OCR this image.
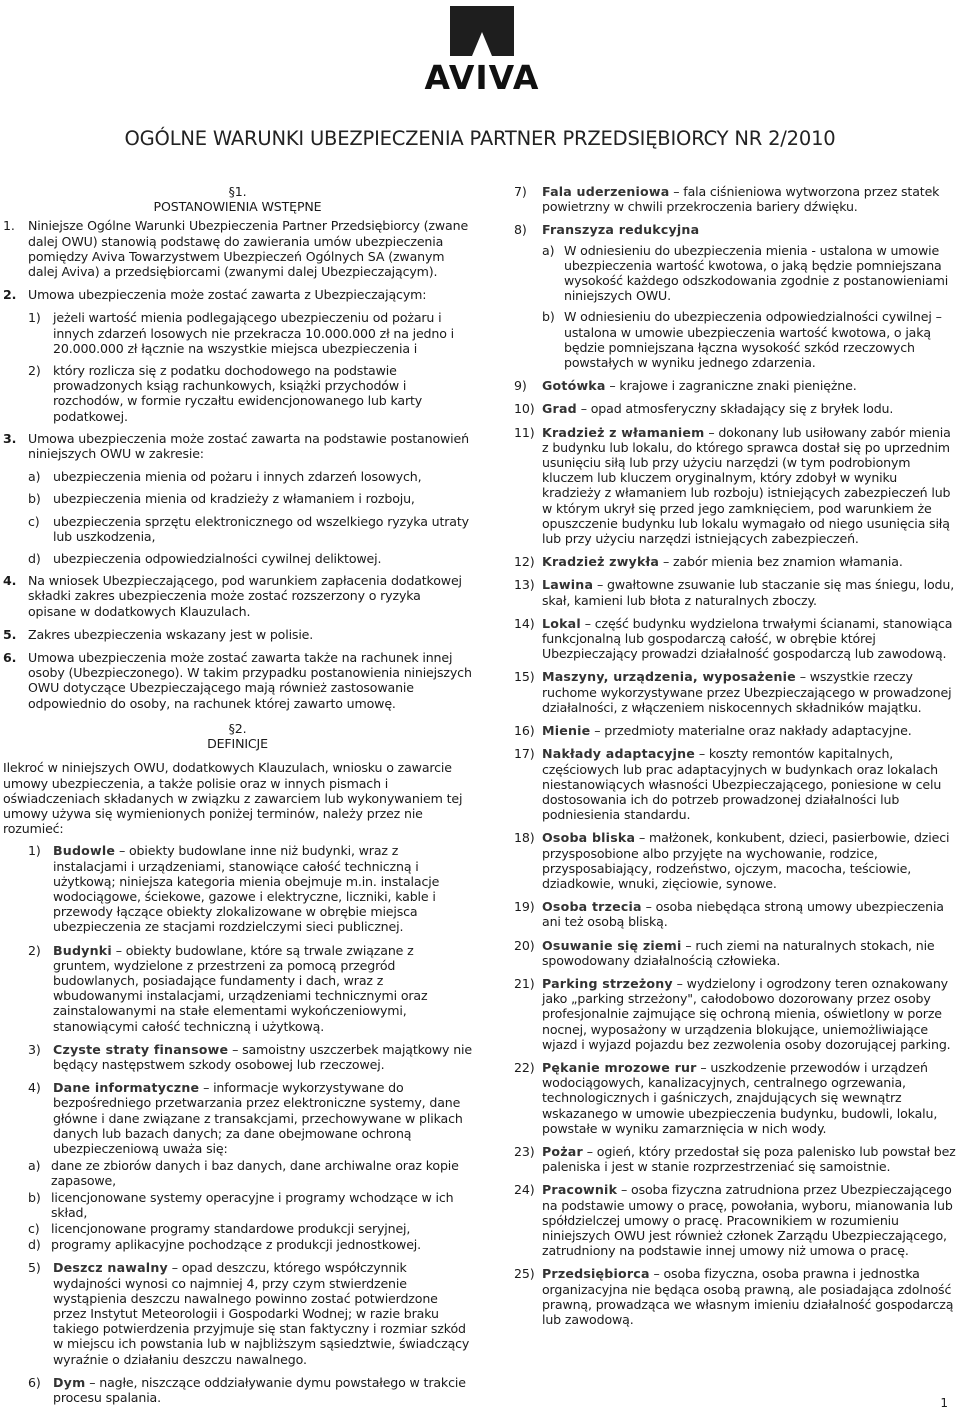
AVIVA
OGÓLNE WARUNKI UBEZPIECZENIA PARTNER PRZEDSIĘBIORCY NR 2/2010
§1.
POSTANOWIENIA WSTĘPNE
1. Niniejsze Ogólne Warunki Ubezpieczenia Partner Przedsiębiorcy (zwane dalej OWU) stanowią podstawę do zawierania umów ubezpieczenia pomiędzy Aviva Towarzystwem Ubezpieczeń Ogólnych SA (zwanym dalej Aviva) a przedsiębiorcami (zwanymi dalej Ubezpieczającym).
2. Umowa ubezpieczenia może zostać zawarta z Ubezpieczającym:
1) jeżeli wartość mienia podlegającego ubezpieczeniu od pożaru i innych zdarzeń losowych nie przekracza 10.000.000 zł na jedno i 20.000.000 zł łącznie na wszystkie miejsca ubezpieczenia i
2) który rozlicza się z podatku dochodowego na podstawie prowadzonych ksiąg rachunkowych, książki przychodów i rozchodów, w formie ryczałtu ewidencjonowanego lub karty podatkowej.
3. Umowa ubezpieczenia może zostać zawarta na podstawie postanowień niniejszych OWU w zakresie:
a) ubezpieczenia mienia od pożaru i innych zdarzeń losowych,
b) ubezpieczenia mienia od kradzieży z włamaniem i rozboju,
c) ubezpieczenia sprzętu elektronicznego od wszelkiego ryzyka utraty lub uszkodzenia,
d) ubezpieczenia odpowiedzialności cywilnej deliktowej.
4. Na wniosek Ubezpieczającego, pod warunkiem zapłacenia dodatkowej składki zakres ubezpieczenia może zostać rozszerzony o ryzyka opisane w dodatkowych Klauzulach.
5. Zakres ubezpieczenia wskazany jest w polisie.
6. Umowa ubezpieczenia może zostać zawarta także na rachunek innej osoby (Ubezpieczonego). W takim przypadku postanowienia niniejszych OWU dotyczące Ubezpieczającego mają również zastosowanie odpowiednio do osoby, na rachunek której zawarto umowę.
§2.
DEFINICJE
Ilekroć w niniejszych OWU, dodatkowych Klauzulach, wniosku o zawarcie umowy ubezpieczenia, a także polisie oraz w innych pismach i oświadczeniach składanych w związku z zawarciem lub wykonywaniem tej umowy używa się wymienionych poniżej terminów, należy przez nie rozumieć:
1) Budowle – obiekty budowlane inne niż budynki, wraz z instalacjami i urządzeniami, stanowiące całość techniczną i użytkową; niniejsza kategoria mienia obejmuje m.in. instalacje wodociągowe, ściekowe, gazowe i elektryczne, liczniki, kable i przewody łączące obiekty zlokalizowane w obrębie miejsca ubezpieczenia ze stacjami rozdzielczymi sieci publicznej.
2) Budynki – obiekty budowlane, które są trwale związane z gruntem, wydzielone z przestrzeni za pomocą przegród budowlanych, posiadające fundamenty i dach, wraz z wbudowanymi instalacjami, urządzeniami technicznymi oraz zainstalowanymi na stałe elementami wykończeniowymi, stanowiącymi całość techniczną i użytkową.
3) Czyste straty finansowe – samoistny uszczerbek majątkowy nie będący następstwem szkody osobowej lub rzeczowej.
4) Dane informatyczne – informacje wykorzystywane do bezpośredniego przetwarzania przez elektroniczne systemy, dane główne i dane związane z transakcjami, przechowywane w plikach danych lub bazach danych; za dane obejmowane ochroną ubezpieczeniową uważa się:
a) dane ze zbiorów danych i baz danych, dane archiwalne oraz kopie zapasowe,
b) licencjonowane systemy operacyjne i programy wchodzące w ich skład,
c) licencjonowane programy standardowe produkcji seryjnej,
d) programy aplikacyjne pochodzące z produkcji jednostkowej.
5) Deszcz nawalny – opad deszczu, którego współczynnik wydajności wynosi co najmniej 4, przy czym stwierdzenie wystąpienia deszczu nawalnego powinno zostać potwierdzone przez Instytut Meteorologii i Gospodarki Wodnej; w razie braku takiego potwierdzenia przyjmuje się stan faktyczny i rozmiar szkód w miejscu ich powstania lub w najbliższym sąsiedztwie, świadczący wyraźnie o działaniu deszczu nawalnego.
6) Dym – nagłe, niszczące oddziaływanie dymu powstałego w trakcie procesu spalania.
7) Fala uderzeniowa – fala ciśnieniowa wytworzona przez statek powietrzny w chwili przekroczenia bariery dźwięku.
8) Franszyza redukcyjna
a) W odniesieniu do ubezpieczenia mienia - ustalona w umowie ubezpieczenia wartość kwotowa, o jaką będzie pomniejszana wysokość każdego odszkodowania zgodnie z postanowieniami niniejszych OWU.
b) W odniesieniu do ubezpieczenia odpowiedzialności cywilnej – ustalona w umowie ubezpieczenia wartość kwotowa, o jaką będzie pomniejszana łączna wysokość szkód rzeczowych powstałych w wyniku jednego zdarzenia.
9) Gotówka – krajowe i zagraniczne znaki pieniężne.
10) Grad – opad atmosferyczny składający się z bryłek lodu.
11) Kradzież z włamaniem – dokonany lub usiłowany zabór mienia z budynku lub lokalu, do którego sprawca dostał się po uprzednim usunięciu siłą lub przy użyciu narzędzi (w tym podrobionym kluczem lub kluczem oryginalnym, który zdobył w wyniku kradzieży z włamaniem lub rozboju) istniejących zabezpieczeń lub w którym ukrył się przed jego zamknięciem, pod warunkiem że opuszczenie budynku lub lokalu wymagało od niego usunięcia siłą lub przy użyciu narzędzi istniejących zabezpieczeń.
12) Kradzież zwykła – zabór mienia bez znamion włamania.
13) Lawina – gwałtowne zsuwanie lub staczanie się mas śniegu, lodu, skał, kamieni lub błota z naturalnych zboczy.
14) Lokal – część budynku wydzielona trwałymi ścianami, stanowiąca funkcjonalną lub gospodarczą całość, w obrębie której Ubezpieczający prowadzi działalność gospodarczą lub zawodową.
15) Maszyny, urządzenia, wyposażenie – wszystkie rzeczy ruchome wykorzystywane przez Ubezpieczającego w prowadzonej działalności, z włączeniem niskocennych składników majątku.
16) Mienie – przedmioty materialne oraz nakłady adaptacyjne.
17) Nakłady adaptacyjne – koszty remontów kapitalnych, częściowych lub prac adaptacyjnych w budynkach oraz lokalach niestanowiących własności Ubezpieczającego, poniesione w celu dostosowania ich do potrzeb prowadzonej działalności lub podniesienia standardu.
18) Osoba bliska – małżonek, konkubent, dzieci, pasierbowie, dzieci przysposobione albo przyjęte na wychowanie, rodzice, przysposabiający, rodzeństwo, ojczym, macocha, teściowie, dziadkowie, wnuki, zięciowie, synowe.
19) Osoba trzecia – osoba niebędąca stroną umowy ubezpieczenia ani też osobą bliską.
20) Osuwanie się ziemi – ruch ziemi na naturalnych stokach, nie spowodowany działalnością człowieka.
21) Parking strzeżony – wydzielony i ogrodzony teren oznakowany jako „parking strzeżony", całodobowo dozorowany przez osoby profesjonalnie zajmujące się ochroną mienia, oświetlony w porze nocnej, wyposażony w urządzenia blokujące, uniemożliwiające wjazd i wyjazd pojazdu bez zezwolenia osoby dozorującej parking.
22) Pękanie mrozowe rur – uszkodzenie przewodów i urządzeń wodociągowych, kanalizacyjnych, centralnego ogrzewania, technologicznych i gaśniczych, znajdujących się wewnątrz wskazanego w umowie ubezpieczenia budynku, budowli, lokalu, powstałe w wyniku zamarznięcia w nich wody.
23) Pożar – ogień, który przedostał się poza palenisko lub powstał bez paleniska i jest w stanie rozprzestrzeniać się samoistnie.
24) Pracownik – osoba fizyczna zatrudniona przez Ubezpieczającego na podstawie umowy o pracę, powołania, wyboru, mianowania lub spółdzielczej umowy o pracę. Pracownikiem w rozumieniu niniejszych OWU jest również członek Zarządu Ubezpieczającego, zatrudniony na podstawie innej umowy niż umowa o pracę.
25) Przedsiębiorca – osoba fizyczna, osoba prawna i jednostka organizacyjna nie będąca osobą prawną, ale posiadająca zdolność prawną, prowadząca we własnym imieniu działalność gospodarczą lub zawodową.
1
